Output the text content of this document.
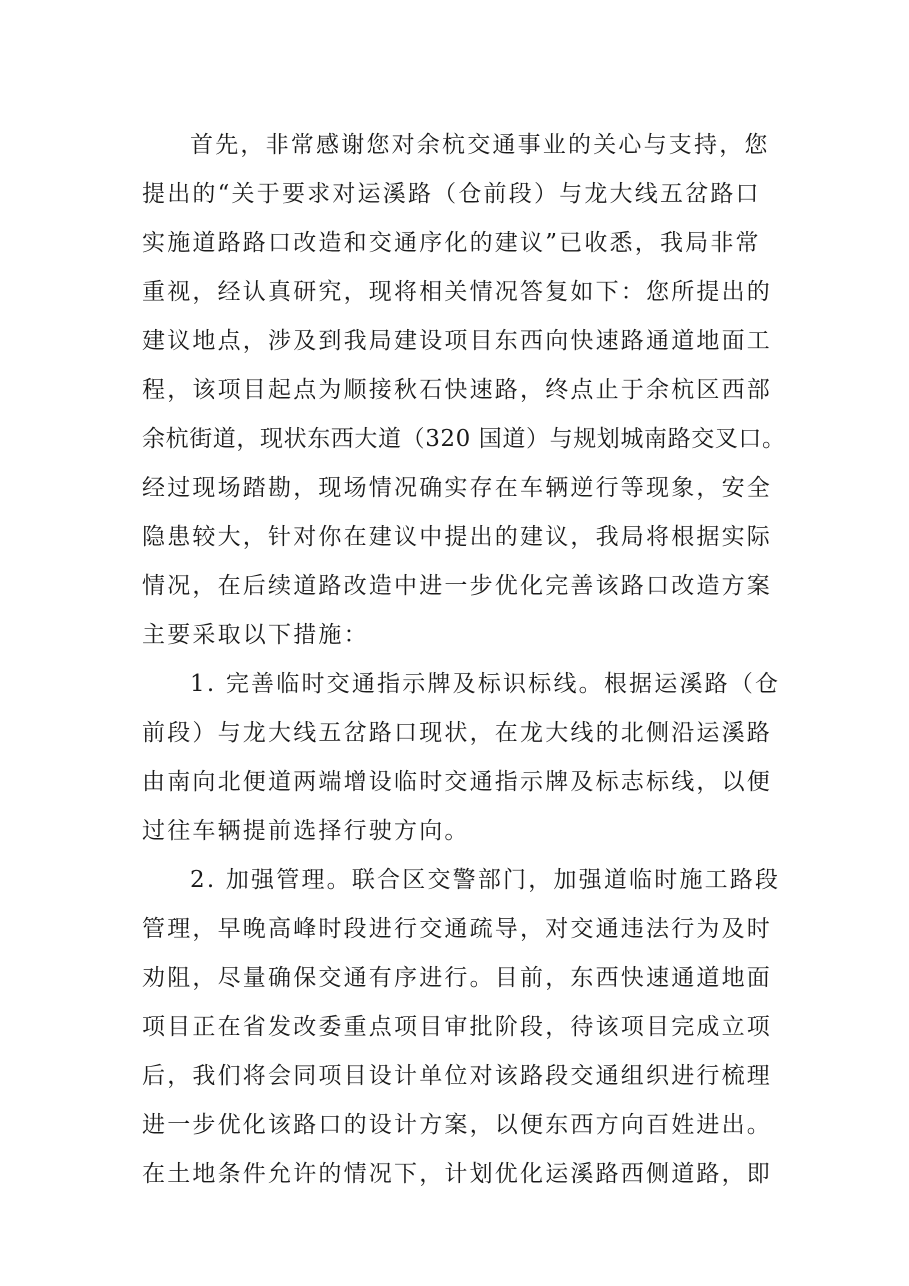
首先，非常感谢您对余杭交通事业的关心与支持，您
提出的“关于要求对运溪路（仓前段）与龙大线五岔路口
实施道路路口改造和交通序化的建议”已收悉，我局非常
重视，经认真研究，现将相关情况答复如下：您所提出的
建议地点，涉及到我局建设项目东西向快速路通道地面工
程，该项目起点为顺接秋石快速路，终点止于余杭区西部
余杭街道，现状东西大道（320 国道）与规划城南路交叉口。
经过现场踏勘，现场情况确实存在车辆逆行等现象，安全
隐患较大，针对你在建议中提出的建议，我局将根据实际
情况，在后续道路改造中进一步优化完善该路口改造方案
主要采取以下措施：
1. 完善临时交通指示牌及标识标线。根据运溪路（仓
前段）与龙大线五岔路口现状，在龙大线的北侧沿运溪路
由南向北便道两端增设临时交通指示牌及标志标线，以便
过往车辆提前选择行驶方向。
2. 加强管理。联合区交警部门，加强道临时施工路段
管理，早晚高峰时段进行交通疏导，对交通违法行为及时
劝阻，尽量确保交通有序进行。目前，东西快速通道地面
项目正在省发改委重点项目审批阶段，待该项目完成立项
后，我们将会同项目设计单位对该路段交通组织进行梳理
进一步优化该路口的设计方案，以便东西方向百姓进出。
在土地条件允许的情况下，计划优化运溪路西侧道路，即
